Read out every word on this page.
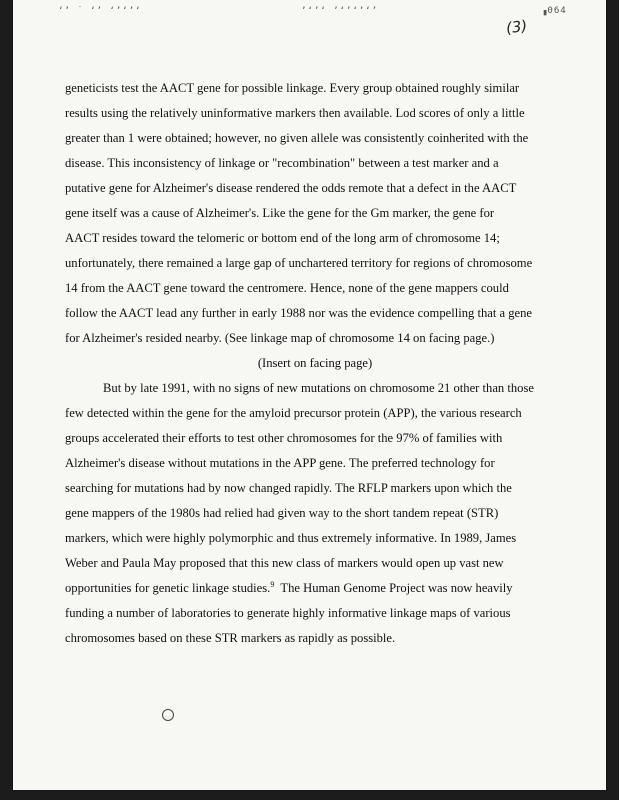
ʻʼ ˙ ʻʼ ʻʼʻʼʻ	ʼʻʼʻ ʼʻʼʻʼʻʼ	▗064
(3)
geneticists test the AACT gene for possible linkage. Every group obtained roughly similar
results using the relatively uninformative markers then available. Lod scores of only a little
greater than 1 were obtained; however, no given allele was consistently coinherited with the
disease. This inconsistency of linkage or "recombination" between a test marker and a
putative gene for Alzheimer's disease rendered the odds remote that a defect in the AACT
gene itself was a cause of Alzheimer's. Like the gene for the Gm marker, the gene for
AACT resides toward the telomeric or bottom end of the long arm of chromosome 14;
unfortunately, there remained a large gap of unchartered territory for regions of chromosome
14 from the AACT gene toward the centromere. Hence, none of the gene mappers could
follow the AACT lead any further in early 1988 nor was the evidence compelling that a gene
for Alzheimer's resided nearby. (See linkage map of chromosome 14 on facing page.)
(Insert on facing page)
But by late 1991, with no signs of new mutations on chromosome 21 other than those
few detected within the gene for the amyloid precursor protein (APP), the various research
groups accelerated their efforts to test other chromosomes for the 97% of families with
Alzheimer's disease without mutations in the APP gene. The preferred technology for
searching for mutations had by now changed rapidly. The RFLP markers upon which the
gene mappers of the 1980s had relied had given way to the short tandem repeat (STR)
markers, which were highly polymorphic and thus extremely informative. In 1989, James
Weber and Paula May proposed that this new class of markers would open up vast new
opportunities for genetic linkage studies.$^9$  The Human Genome Project was now heavily
funding a number of laboratories to generate highly informative linkage maps of various
chromosomes based on these STR markers as rapidly as possible.
